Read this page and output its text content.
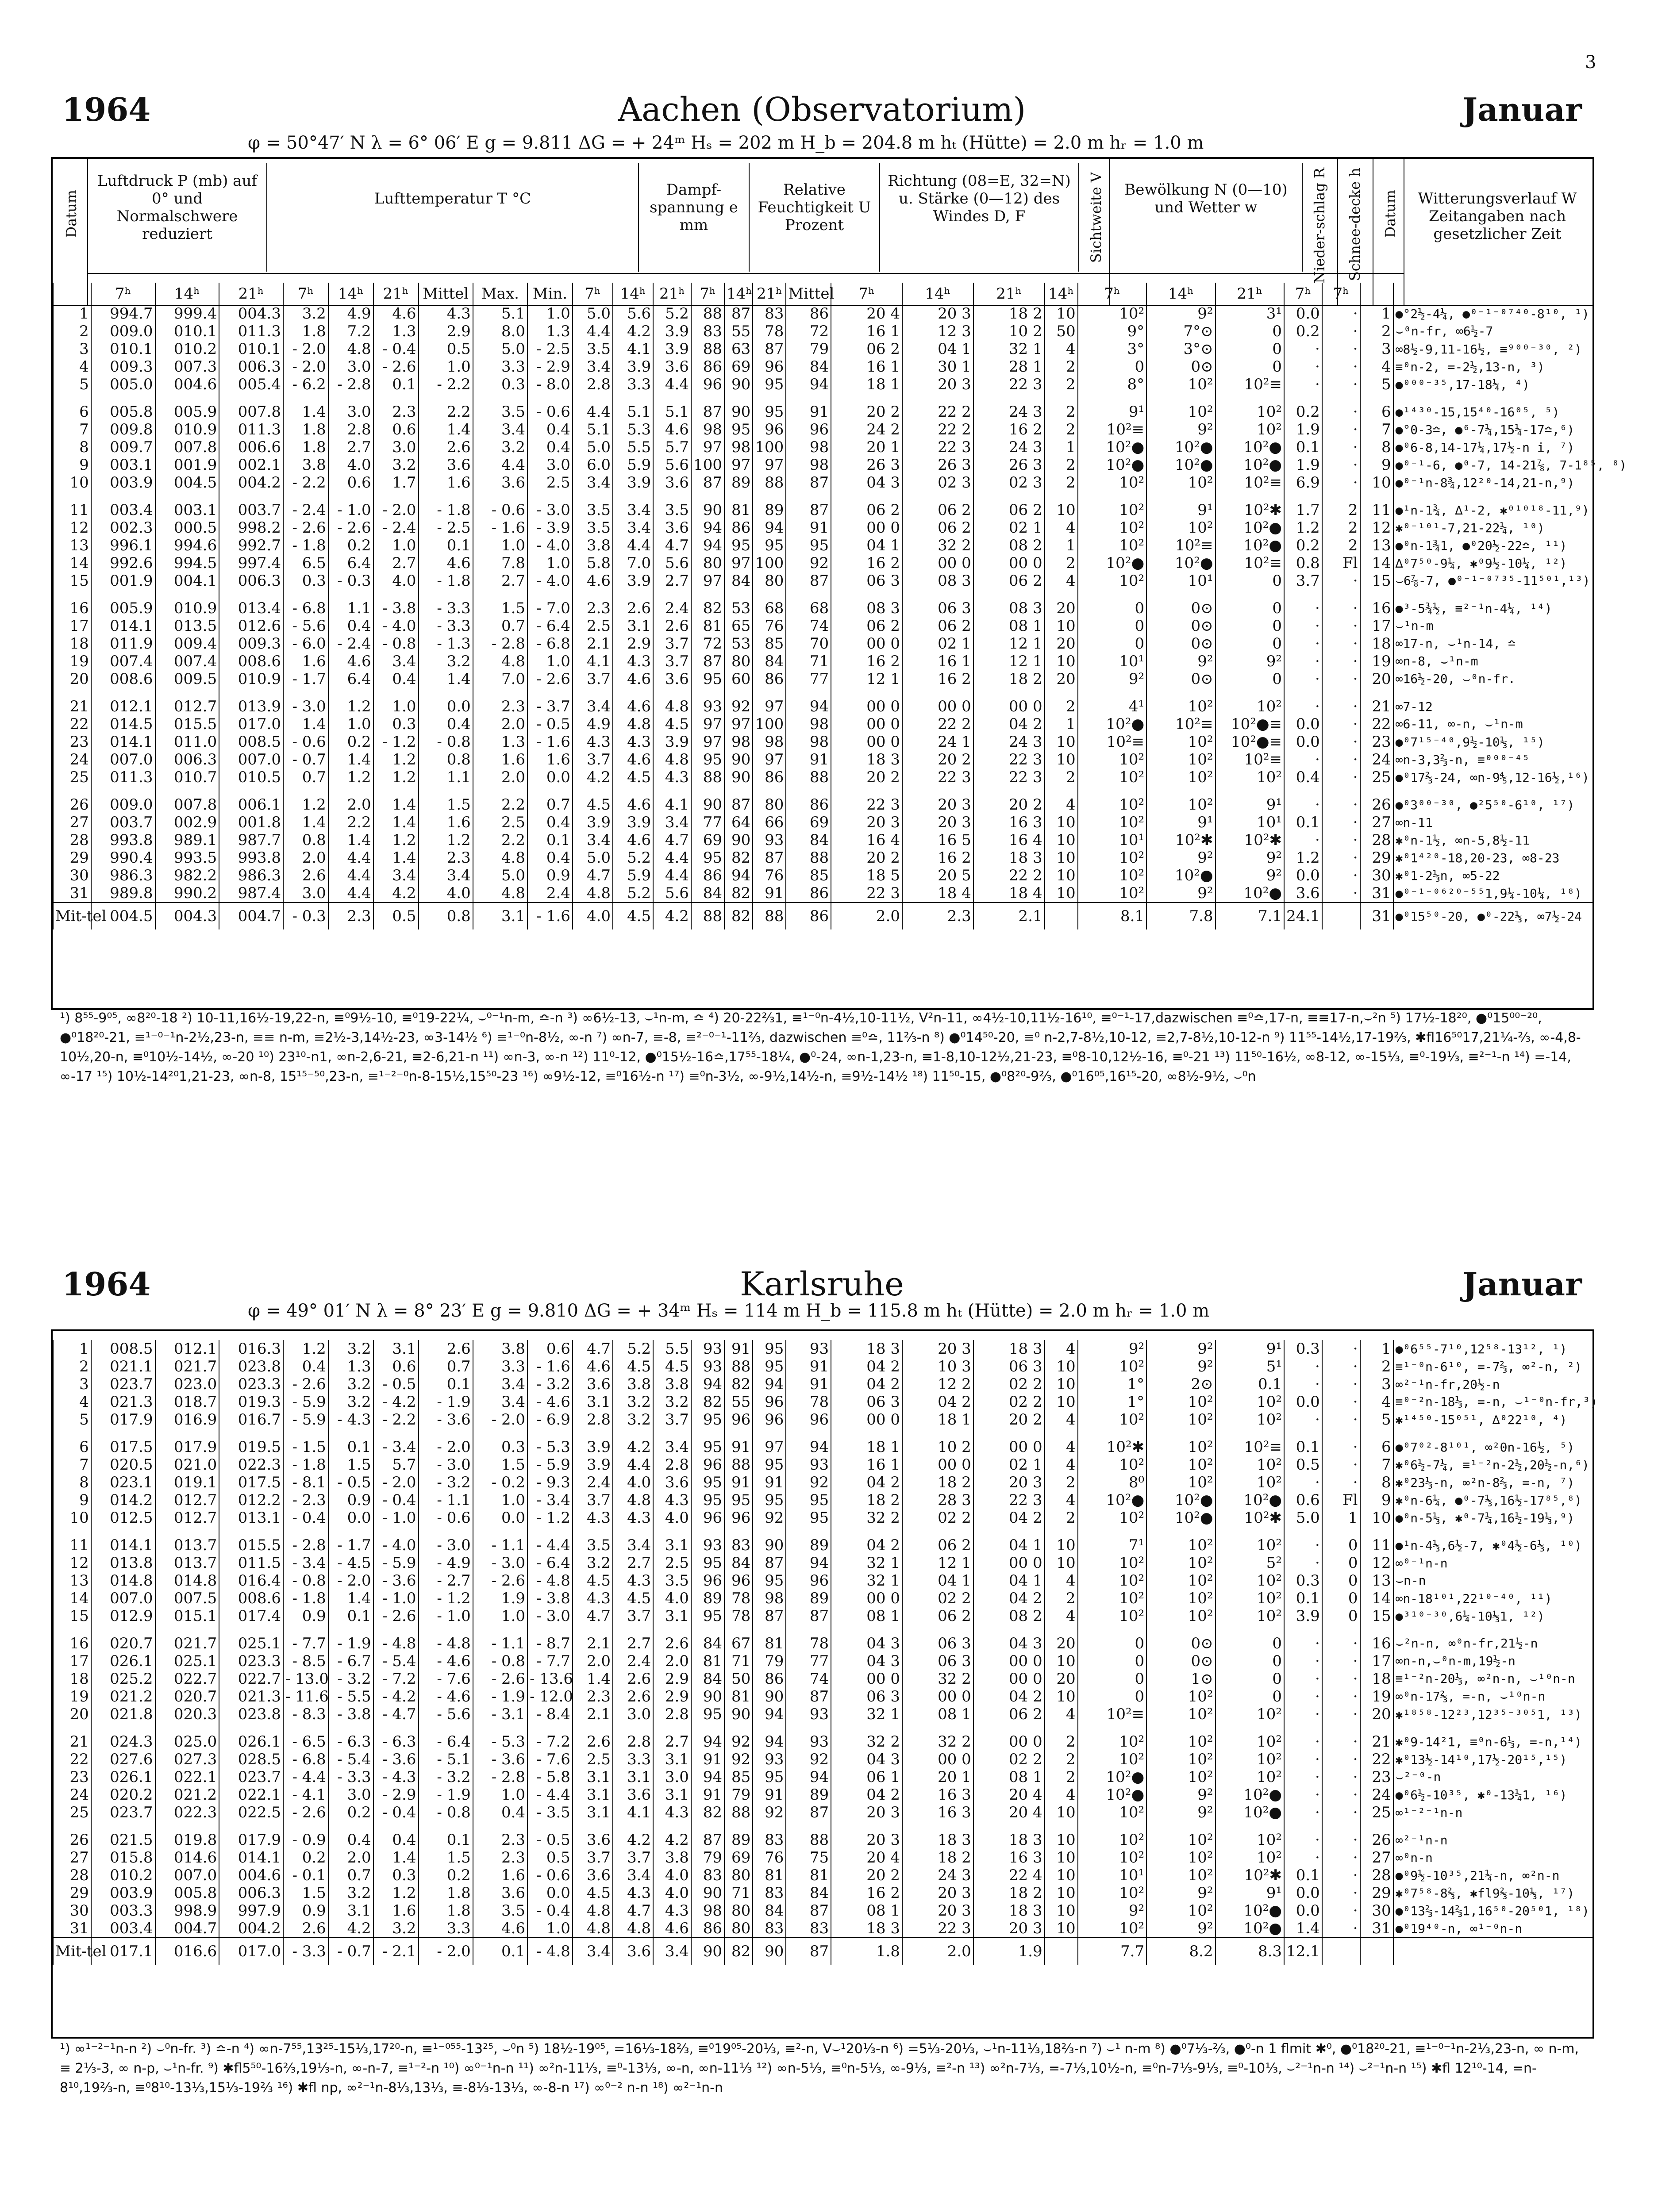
3
1964	Aachen (Observatorium)	Januar
φ = 50°47′ N λ = 6° 06′ E g = 9.811 ΔG = + 24ᵐ Hₛ = 202 m H_b = 204.8 m hₜ (Hütte) = 2.0 m hᵣ = 1.0 m
Datum
Luftdruck P (mb) auf 0° und Normalschwere reduziert
Lufttemperatur T °C	Dampf-spannung e mm
Relative Feuchtigkeit U Prozent
Richtung (08=E, 32=N) u. Stärke (0—12) des Windes D, F	Sichtweite V	Bewölkung N (0—10) und Wetter w	Nieder-schlag R Schnee-decke h Datum	Witterungsverlauf W Zeitangaben nach gesetzlicher Zeit
	7ʰ	14ʰ	21ʰ	7ʰ	14ʰ	21ʰ	Mittel	Max.	Min.	7ʰ	14ʰ	21ʰ	7ʰ	14ʰ	21ʰ	Mittel	7ʰ	14ʰ	21ʰ	14ʰ	7ʰ	14ʰ	21ʰ	7ʰ	7ʰ		
1	994.7	999.4	004.3	3.2	4.9	4.6	4.3	5.1	1.0	5.0	5.6	5.2	88	87	83	86	20 4	20 3	18 2	10	10²	9²	3¹	0.0	·	1	●°2½-4¼, ●⁰⁻¹⁻⁰⁷⁴⁰-8¹⁰, ¹)
2	009.0	010.1	011.3	1.8	7.2	1.3	2.9	8.0	1.3	4.4	4.2	3.9	83	55	78	72	16 1	12 3	10 2	50	9°	7°⊙	0	0.2	·	2	⌣⁰n-fr, ∞6½-7
3	010.1	010.2	010.1	- 2.0	4.8	- 0.4	0.5	5.0	- 2.5	3.5	4.1	3.9	88	63	87	79	06 2	04 1	32 1	4	3°	3°⊙	0	·	·	3	∞8½-9,11-16½, ≡⁹⁰⁰⁻³⁰, ²)
4	009.3	007.3	006.3	- 2.0	3.0	- 2.6	1.0	3.3	- 2.9	3.4	3.9	3.6	86	69	96	84	16 1	30 1	28 1	2	0	0⊙	0	·	·	4	≡⁰n-2, =-2½,13-n, ³)
5	005.0	004.6	005.4	- 6.2	- 2.8	0.1	- 2.2	0.3	- 8.0	2.8	3.3	4.4	96	90	95	94	18 1	20 3	22 3	2	8°	10²	10²≡	·	·	5	●⁰⁰⁰⁻³⁵,17-18¼, ⁴)

6	005.8	005.9	007.8	1.4	3.0	2.3	2.2	3.5	- 0.6	4.4	5.1	5.1	87	90	95	91	20 2	22 2	24 3	2	9¹	10²	10²	0.2	·	6	●¹⁴³⁰-15,15⁴⁰-16⁰⁵, ⁵)
7	009.8	010.9	011.3	1.8	2.8	0.6	1.4	3.4	0.4	5.1	5.3	4.6	98	95	96	96	24 2	22 2	16 2	2	10²≡	9²	10²	1.9	·	7	●°0-3≏, ●⁶-7¼,15¼-17≏,⁶)
8	009.7	007.8	006.6	1.8	2.7	3.0	2.6	3.2	0.4	5.0	5.5	5.7	97	98	100	98	20 1	22 3	24 3	1	10²●	10²●	10²●	0.1	·	8	●⁰6-8,14-17¼,17½-n i, ⁷)
9	003.1	001.9	002.1	3.8	4.0	3.2	3.6	4.4	3.0	6.0	5.9	5.6	100	97	97	98	26 3	26 3	26 3	2	10²●	10²●	10²●	1.9	·	9	●⁰⁻¹-6, ●⁰-7, 14-21⅞, 7-1⁸⁵, ⁸)
10	003.9	004.5	004.2	- 2.2	0.6	1.7	1.6	3.6	2.5	3.4	3.9	3.6	87	89	88	87	04 3	02 3	02 3	2	10²	10²	10²≡	6.9	·	10	●⁰⁻¹n-8¾,12²⁰-14,21-n,⁹)

11	003.4	003.1	003.7	- 2.4	- 1.0	- 2.0	- 1.8	- 0.6	- 3.0	3.5	3.4	3.5	90	81	89	87	06 2	06 2	06 2	10	10²	9¹	10²✱	1.7	2	11	●¹n-1¾, ∆¹-2, ✱⁰¹⁰¹⁸-11,⁹)
12	002.3	000.5	998.2	- 2.6	- 2.6	- 2.4	- 2.5	- 1.6	- 3.9	3.5	3.4	3.6	94	86	94	91	00 0	06 2	02 1	4	10²	10²	10²●	1.2	2	12	✱⁰⁻¹⁰¹-7,21-22¼, ¹⁰)
13	996.1	994.6	992.7	- 1.8	0.2	1.0	0.1	1.0	- 4.0	3.8	4.4	4.7	94	95	95	95	04 1	32 2	08 2	1	10²	10²≡	10²●	0.2	2	13	●⁰n-1¾1, ●⁰20½-22≏, ¹¹)
14	992.6	994.5	997.4	6.5	6.4	2.7	4.6	7.8	1.0	5.8	7.0	5.6	80	97	100	92	16 2	00 0	00 0	2	10²●	10²●	10²≡	0.8	Fl	14	∆⁰7⁵⁰-9¼, ✱⁰9½-10¼, ¹²)
15	001.9	004.1	006.3	0.3	- 0.3	4.0	- 1.8	2.7	- 4.0	4.6	3.9	2.7	97	84	80	87	06 3	08 3	06 2	4	10²	10¹	0	3.7	·	15	⌣6⅞-7, ●⁰⁻¹⁻⁰⁷³⁵-11⁵⁰¹,¹³)

16	005.9	010.9	013.4	- 6.8	1.1	- 3.8	- 3.3	1.5	- 7.0	2.3	2.6	2.4	82	53	68	68	08 3	06 3	08 3	20	0	0⊙	0	·	·	16	●³-5¾½, ≡²⁻¹n-4¼, ¹⁴)
17	014.1	013.5	012.6	- 5.6	0.4	- 4.0	- 3.3	0.7	- 6.4	2.5	3.1	2.6	81	65	76	74	06 2	06 2	08 1	10	0	0⊙	0	·	·	17	⌣¹n-m
18	011.9	009.4	009.3	- 6.0	- 2.4	- 0.8	- 1.3	- 2.8	- 6.8	2.1	2.9	3.7	72	53	85	70	00 0	02 1	12 1	20	0	0⊙	0	·	·	18	∞17-n, ⌣¹n-14, ≏
19	007.4	007.4	008.6	1.6	4.6	3.4	3.2	4.8	1.0	4.1	4.3	3.7	87	80	84	71	16 2	16 1	12 1	10	10¹	9²	9²	·	·	19	∞n-8, ⌣¹n-m
20	008.6	009.5	010.9	- 1.7	6.4	0.4	1.4	7.0	- 2.6	3.7	4.6	3.6	95	60	86	77	12 1	16 2	18 2	20	9²	0⊙	0	·	·	20	∞16½-20, ⌣⁰n-fr.

21	012.1	012.7	013.9	- 3.0	1.2	1.0	0.0	2.3	- 3.7	3.4	4.6	4.8	93	92	97	94	00 0	00 0	00 0	2	4¹	10²	10²	·	·	21	∞7-12
22	014.5	015.5	017.0	1.4	1.0	0.3	0.4	2.0	- 0.5	4.9	4.8	4.5	97	97	100	98	00 0	22 2	04 2	1	10²●	10²≡	10²●≡	0.0	·	22	∞6-11, ∞-n, ⌣¹n-m
23	014.1	011.0	008.5	- 0.6	0.2	- 1.2	- 0.8	1.3	- 1.6	4.3	4.3	3.9	97	98	98	98	00 0	24 1	24 3	10	10²≡	10²	10²●≡	0.0	·	23	●⁰7¹⁵⁻⁴⁰,9½-10⅓, ¹⁵)
24	007.0	006.3	007.0	- 0.7	1.4	1.2	0.8	1.6	1.6	3.7	4.6	4.8	95	90	97	91	18 3	20 2	22 3	10	10²	10²	10²≡	·	·	24	∞n-3,3⅔-n, ≡⁰⁰⁰⁻⁴⁵
25	011.3	010.7	010.5	0.7	1.2	1.2	1.1	2.0	0.0	4.2	4.5	4.3	88	90	86	88	20 2	22 3	22 3	2	10²	10²	10²	0.4	·	25	●⁰17⅔-24, ∞n-9⅘,12-16½,¹⁶)

26	009.0	007.8	006.1	1.2	2.0	1.4	1.5	2.2	0.7	4.5	4.6	4.1	90	87	80	86	22 3	20 3	20 2	4	10²	10²	9¹	·	·	26	●⁰3⁰⁰⁻³⁰, ●²5⁵⁰-6¹⁰, ¹⁷)
27	003.7	002.9	001.8	1.4	2.2	1.4	1.6	2.5	0.4	3.9	3.9	3.4	77	64	66	69	20 3	20 3	16 3	10	10²	9¹	10¹	0.1	·	27	∞n-11
28	993.8	989.1	987.7	0.8	1.4	1.2	1.2	2.2	0.1	3.4	4.6	4.7	69	90	93	84	16 4	16 5	16 4	10	10¹	10²✱	10²✱	·	·	28	✱⁰n-1½, ∞n-5,8½-11
29	990.4	993.5	993.8	2.0	4.4	1.4	2.3	4.8	0.4	5.0	5.2	4.4	95	82	87	88	20 2	16 2	18 3	10	10²	9²	9²	1.2	·	29	✱⁰1⁴²⁰-18,20-23, ∞8-23
30	986.3	982.2	986.3	2.6	4.4	3.4	3.4	5.0	0.9	4.7	5.9	4.4	86	94	76	85	18 5	20 5	22 2	10	10²	10²●	9²	0.0	·	30	✱⁰1-2⅓n, ∞5-22
31	989.8	990.2	987.4	3.0	4.4	4.2	4.0	4.8	2.4	4.8	5.2	5.6	84	82	91	86	22 3	18 4	18 4	10	10²	9²	10²●	3.6	·	31	●⁰⁻¹⁻⁰⁶²⁰⁻⁵⁵1,9¼-10¼, ¹⁸)
Mit-tel	004.5	004.3	004.7	- 0.3	2.3	0.5	0.8	3.1	- 1.6	4.0	4.5	4.2	88	82	88	86	2.0	2.3	2.1		8.1	7.8	7.1	24.1		31	●⁰15⁵⁰-20, ●⁰-22⅓, ∞7½-24
¹) 8⁵⁵-9⁰⁵, ∞8²⁰-18 ²) 10-11,16½-19,22-n, ≡⁰9½-10, ≡⁰19-22¼, ⌣⁰⁻¹n-m, ≏-n ³) ∞6½-13, ⌣¹n-m, ≏ ⁴) 20-22⅔1, ≡¹⁻⁰n-4½,10-11½, V²n-11, ∞4½-10,11½-16¹⁰, ≡⁰⁻¹-17,dazwischen ≡⁰≏,17-n, ≡≡17-n,⌣²n ⁵) 17½-18²⁰, ●⁰15⁰⁰⁻²⁰, ●⁰18²⁰-21, ≡¹⁻⁰⁻¹n-2½,23-n, ≡≡ n-m, ≡2½-3,14½-23, ∞3-14½ ⁶) ≡¹⁻⁰n-8½, ∞-n ⁷) ∞n-7, ≡-8, ≡²⁻⁰⁻¹-11⅔, dazwischen ≡⁰≏, 11⅔-n ⁸) ●⁰14⁵⁰-20, ≡⁰ n-2,7-8½,10-12, ≡2,7-8½,10-12-n ⁹) 11⁵⁵-14½,17-19⅔, ✱fl16⁵⁰17,21¼-⅔, ∞-4,8-10½,20-n, ≡⁰10½-14½, ∞-20 ¹⁰) 23¹⁰-n1, ∞n-2,6-21, ≡2-6,21-n ¹¹) ∞n-3, ∞-n ¹²) 11⁰-12, ●⁰15½-16≏,17⁵⁵-18¼, ●⁰-24, ∞n-1,23-n, ≡1-8,10-12½,21-23, ≡⁰8-10,12½-16, ≡⁰-21 ¹³) 11⁵⁰-16½, ∞8-12, ∞-15⅓, ≡⁰-19⅓, ≡²⁻¹-n ¹⁴) =-14, ∞-17 ¹⁵) 10½-14²⁰1,21-23, ∞n-8, 15¹⁵⁻⁵⁰,23-n, ≡¹⁻²⁻⁰n-8-15½,15⁵⁰-23 ¹⁶) ∞9½-12, ≡⁰16½-n ¹⁷) ≡⁰n-3½, ∞-9½,14½-n, ≡9½-14½ ¹⁸) 11⁵⁰-15, ●⁰8²⁰-9⅔, ●⁰16⁰⁵,16¹⁵-20, ∞8½-9½, ⌣⁰n
1964	Karlsruhe	Januar
φ = 49° 01′ N λ = 8° 23′ E g = 9.810 ΔG = + 34ᵐ Hₛ = 114 m H_b = 115.8 m hₜ (Hütte) = 2.0 m hᵣ = 1.0 m
1	008.5	012.1	016.3	1.2	3.2	3.1	2.6	3.8	0.6	4.7	5.2	5.5	93	91	95	93	18 3	20 3	18 3	4	9²	9²	9¹	0.3	·	1	●⁰6⁵⁵-7¹⁰,12⁵⁸-13¹², ¹)
2	021.1	021.7	023.8	0.4	1.3	0.6	0.7	3.3	- 1.6	4.6	4.5	4.5	93	88	95	91	04 2	10 3	06 3	10	10²	9²	5¹	·	·	2	≡¹⁻⁰n-6¹⁰, =-7⅔, ∞²-n, ²)
3	023.7	023.0	023.3	- 2.6	3.2	- 0.5	0.1	3.4	- 3.2	3.6	3.8	3.8	94	82	94	91	04 2	12 2	02 2	10	1°	2⊙	0.1	·	·	3	∞²⁻¹n-fr,20½-n
4	021.3	018.7	019.3	- 5.9	3.2	- 4.2	- 1.9	3.4	- 4.6	3.1	3.2	3.2	82	55	96	78	06 3	04 2	02 2	10	1°	10²	10²	0.0	·	4	≡⁰⁻²n-18⅓, =-n, ⌣¹⁻⁰n-fr,³)
5	017.9	016.9	016.7	- 5.9	- 4.3	- 2.2	- 3.6	- 2.0	- 6.9	2.8	3.2	3.7	95	96	96	96	00 0	18 1	20 2	4	10²	10²	10²	·	·	5	✱¹⁴⁵⁰-15⁰⁵¹, ∆⁰22¹⁰, ⁴)

6	017.5	017.9	019.5	- 1.5	0.1	- 3.4	- 2.0	0.3	- 5.3	3.9	4.2	3.4	95	91	97	94	18 1	10 2	00 0	4	10²✱	10²	10²≡	0.1	·	6	●⁰7⁰²-8¹⁰¹, ∞²0n-16½, ⁵)
7	020.5	021.0	022.3	- 1.8	1.5	5.7	- 3.0	1.5	- 5.9	3.9	4.4	2.8	96	88	95	93	16 1	00 0	02 1	4	10²	10²	10²	0.5	·	7	✱⁰6½-7¼, ≡¹⁻²n-2½,20½-n,⁶)
8	023.1	019.1	017.5	- 8.1	- 0.5	- 2.0	- 3.2	- 0.2	- 9.3	2.4	4.0	3.6	95	91	91	92	04 2	18 2	20 3	2	8⁰	10²	10²	·	·	8	✱⁰23⅓-n, ∞²n-8⅔, =-n, ⁷)
9	014.2	012.7	012.2	- 2.3	0.9	- 0.4	- 1.1	1.0	- 3.4	3.7	4.8	4.3	95	95	95	95	18 2	28 3	22 3	4	10²●	10²●	10²●	0.6	Fl	9	✱⁰n-6¼, ●⁰-7⅓,16½-17⁸⁵,⁸)
10	012.5	012.7	013.1	- 0.4	0.0	- 1.0	- 0.6	0.0	- 1.2	4.3	4.3	4.0	96	96	92	95	32 2	02 2	04 2	2	10²	10²●	10²✱	5.0	1	10	●⁰n-5⅓, ✱⁰-7¼,16½-19⅓,⁹)

11	014.1	013.7	015.5	- 2.8	- 1.7	- 4.0	- 3.0	- 1.1	- 4.4	3.5	3.4	3.1	93	83	90	89	04 2	06 2	04 1	10	7¹	10²	10²	·	0	11	●¹n-4⅓,6½-7, ✱⁰4½-6⅓, ¹⁰)
12	013.8	013.7	011.5	- 3.4	- 4.5	- 5.9	- 4.9	- 3.0	- 6.4	3.2	2.7	2.5	95	84	87	94	32 1	12 1	00 0	10	10²	10²	5²	·	0	12	∞⁰⁻¹n-n
13	014.8	014.8	016.4	- 0.8	- 2.0	- 3.6	- 2.7	- 2.6	- 4.8	4.5	4.3	3.5	96	96	95	96	32 1	04 1	04 1	4	10²	10²	10²	0.3	0	13	⌣n-n
14	007.0	007.5	008.6	- 1.8	1.4	- 1.0	- 1.2	1.9	- 3.8	4.3	4.5	4.0	89	78	98	89	00 0	02 2	04 2	2	10²	10²	10²	0.1	0	14	∞n-18¹⁰¹,22¹⁰⁻⁴⁰, ¹¹)
15	012.9	015.1	017.4	0.9	0.1	- 2.6	- 1.0	1.0	- 3.0	4.7	3.7	3.1	95	78	87	87	08 1	06 2	08 2	4	10²	10²	10²	3.9	0	15	●³¹⁰⁻³⁰,6¼-10⅓1, ¹²)

16	020.7	021.7	025.1	- 7.7	- 1.9	- 4.8	- 4.8	- 1.1	- 8.7	2.1	2.7	2.6	84	67	81	78	04 3	06 3	04 3	20	0	0⊙	0	·	·	16	⌣²n-n, ∞⁰n-fr,21½-n
17	026.1	025.1	023.3	- 8.5	- 6.7	- 5.4	- 4.6	- 0.8	- 7.7	2.0	2.4	2.0	81	71	79	77	04 3	06 3	00 0	10	0	0⊙	0	·	·	17	∞n-n,⌣⁰n-m,19½-n
18	025.2	022.7	022.7	- 13.0	- 3.2	- 7.2	- 7.6	- 2.6	- 13.6	1.4	2.6	2.9	84	50	86	74	00 0	32 2	00 0	20	0	1⊙	0	·	·	18	≡¹⁻²n-20⅓, ∞²n-n, ⌣¹⁰n-n
19	021.2	020.7	021.3	- 11.6	- 5.5	- 4.2	- 4.6	- 1.9	- 12.0	2.3	2.6	2.9	90	81	90	87	06 3	00 0	04 2	10	0	10²	0	·	·	19	∞⁰n-17⅔, =-n, ⌣¹⁰n-n
20	021.8	020.3	023.8	- 8.3	- 3.8	- 4.7	- 5.6	- 3.1	- 8.4	2.1	3.0	2.8	95	90	94	93	32 1	08 1	06 2	4	10²≡	10²	10²	·	·	20	✱¹⁸⁵⁸-12²³,12³⁵⁻³⁰⁵1, ¹³)

21	024.3	025.0	026.1	- 6.5	- 6.3	- 6.3	- 6.4	- 5.3	- 7.2	2.6	2.8	2.7	94	92	94	93	32 2	32 2	00 0	2	10²	10²	10²	·	·	21	✱⁰9-14²1, ≡⁰n-6⅓, =-n,¹⁴)
22	027.6	027.3	028.5	- 6.8	- 5.4	- 3.6	- 5.1	- 3.6	- 7.6	2.5	3.3	3.1	91	92	93	92	04 3	00 0	02 2	2	10²	10²	10²	·	·	22	✱⁰13½-14¹⁰,17½-20¹⁵,¹⁵)
23	026.1	022.1	023.7	- 4.4	- 3.3	- 4.3	- 3.2	- 2.8	- 5.8	3.1	3.1	3.0	94	85	95	94	06 1	20 1	08 1	2	10²●	10²	10²	·	·	23	⌣²⁻⁰-n
24	020.2	021.2	022.1	- 4.1	3.0	- 2.9	- 1.9	1.0	- 4.4	3.1	3.6	3.1	91	79	91	89	04 2	16 3	20 4	4	10²●	9²	10²●	·	·	24	●⁰6½-10³⁵, ✱⁰-13¼1, ¹⁶)
25	023.7	022.3	022.5	- 2.6	0.2	- 0.4	- 0.8	0.4	- 3.5	3.1	4.1	4.3	82	88	92	87	20 3	16 3	20 4	10	10²	9²	10²●	·	·	25	∞¹⁻²⁻¹n-n

26	021.5	019.8	017.9	- 0.9	0.4	0.4	0.1	2.3	- 0.5	3.6	4.2	4.2	87	89	83	88	20 3	18 3	18 3	10	10²	10²	10²	·	·	26	∞²⁻¹n-n
27	015.8	014.6	014.1	0.2	2.0	1.4	1.5	2.3	0.5	3.7	3.7	3.8	79	69	76	75	20 4	18 2	16 3	10	10²	10²	10²	·	·	27	∞⁰n-n
28	010.2	007.0	004.6	- 0.1	0.7	0.3	0.2	1.6	- 0.6	3.6	3.4	4.0	83	80	81	81	20 2	24 3	22 4	10	10¹	10²	10²✱	0.1	·	28	●⁰9½-10³⁵,21¼-n, ∞²n-n
29	003.9	005.8	006.3	1.5	3.2	1.2	1.8	3.6	0.0	4.5	4.3	4.0	90	71	83	84	16 2	20 3	18 2	10	10²	9²	9¹	0.0	·	29	✱⁰7⁵⁸-8⅔, ✱fl9⅔-10⅓, ¹⁷)
30	003.3	998.9	997.9	0.9	3.1	1.6	1.8	3.5	- 0.4	4.8	4.7	4.3	98	80	84	87	08 1	20 3	18 3	10	9²	10²	10²●	0.0	·	30	●⁰13⅔-14⅔1,16⁵⁰-20⁵⁰1, ¹⁸)
31	003.4	004.7	004.2	2.6	4.2	3.2	3.3	4.6	1.0	4.8	4.8	4.6	86	80	83	83	18 3	22 3	20 3	10	10²	9²	10²●	1.4	·	31	●⁰19⁴⁰-n, ∞¹⁻⁰n-n
Mit-tel	017.1	016.6	017.0	- 3.3	- 0.7	- 2.1	- 2.0	0.1	- 4.8	3.4	3.6	3.4	90	82	90	87	1.8	2.0	1.9		7.7	8.2	8.3	12.1			
¹) ∞¹⁻²⁻¹n-n ²) ⌣⁰n-fr. ³) ≏-n ⁴) ∞n-7⁵⁵,13²⁵-15⅓,17²⁰-n, ≡¹⁻⁰⁵⁵-13²⁵, ⌣⁰n ⁵) 18½-19⁰⁵, =16⅓-18⅔, ≡⁰19⁰⁵-20⅓, ≡²-n, V⌣¹20⅓-n ⁶) =5⅓-20⅓, ⌣¹n-11⅓,18⅔-n ⁷) ⌣¹ n-m ⁸) ●⁰7⅓-⅔, ●⁰-n 1 flmit ✱⁰, ●⁰18²⁰-21, ≡¹⁻⁰⁻¹n-2⅓,23-n, ∞ n-m, ≡ 2⅓-3, ∞ n-p, ⌣¹n-fr. ⁹) ✱fl5⁵⁰-16⅔,19⅓-n, ∞-n-7, ≡¹⁻²-n ¹⁰) ∞⁰⁻¹n-n ¹¹) ∞²n-11⅓, ≡⁰-13⅓, ∞-n, ∞n-11⅓ ¹²) ∞n-5⅓, ≡⁰n-5⅓, ∞-9⅓, ≡²-n ¹³) ∞²n-7⅓, =-7⅓,10½-n, ≡⁰n-7⅓-9⅓, ≡⁰-10⅓, ⌣²⁻¹n-n ¹⁴) ⌣²⁻¹n-n ¹⁵) ✱fl 12¹⁰-14, =n-8¹⁰,19⅔-n, ≡⁰8¹⁰-13⅓,15⅓-19⅔ ¹⁶) ✱fl np, ∞²⁻¹n-8⅓,13⅓, ≡-8⅓-13⅓, ∞-8-n ¹⁷) ∞⁰⁻² n-n ¹⁸) ∞²⁻¹n-n
